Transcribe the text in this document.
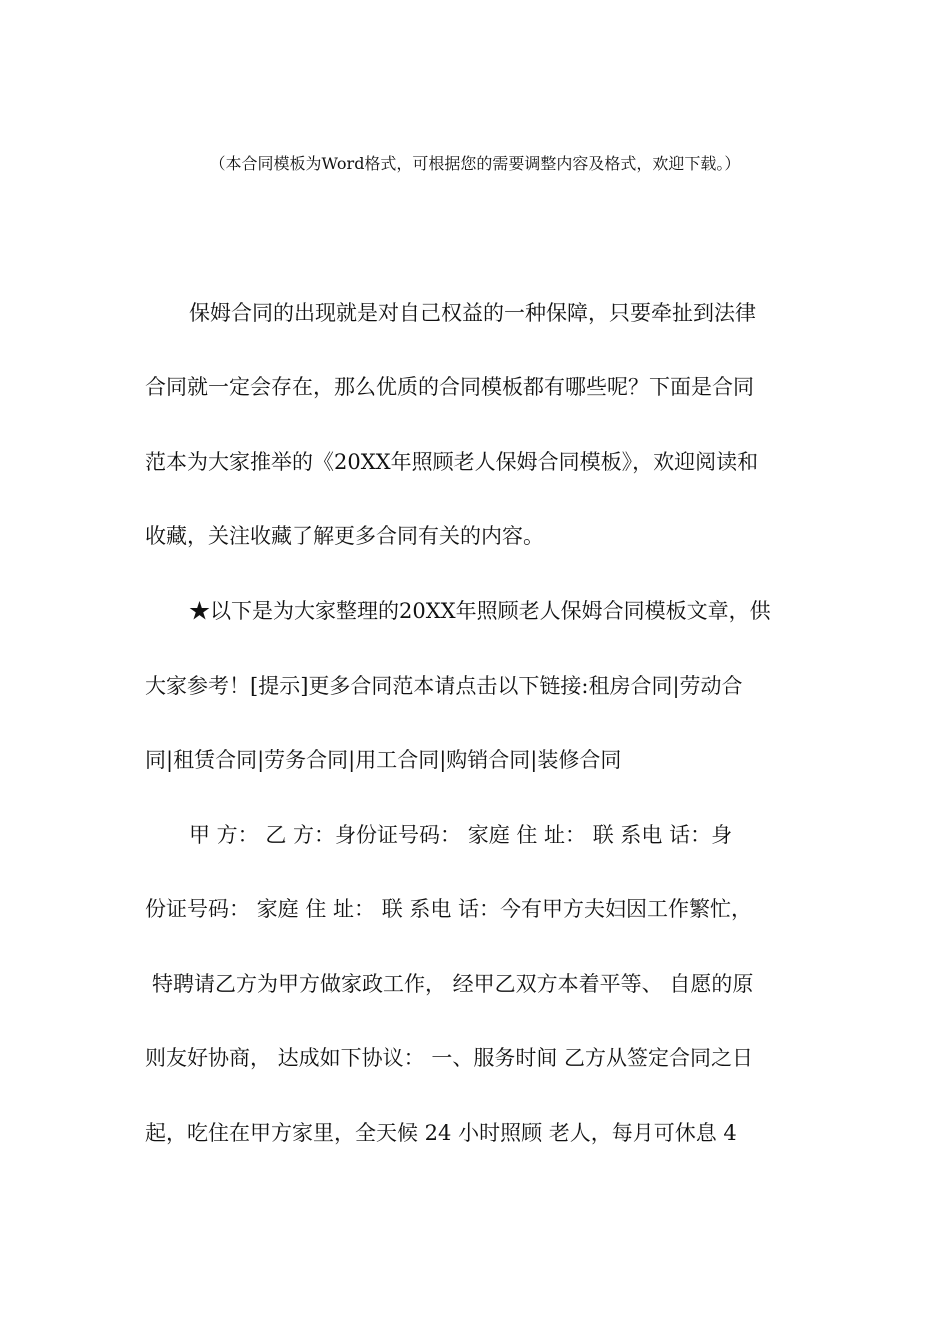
（本合同模板为Word格式，可根据您的需要调整内容及格式，欢迎下载。）
保姆合同的出现就是对自己权益的一种保障，只要牵扯到法律
合同就一定会存在，那么优质的合同模板都有哪些呢？下面是合同
范本为大家推举的《20XX年照顾老人保姆合同模板》，欢迎阅读和
收藏，关注收藏了解更多合同有关的内容。
★以下是为大家整理的20XX年照顾老人保姆合同模板文章，供
大家参考！[提示]更多合同范本请点击以下链接:租房合同|劳动合
同|租赁合同|劳务合同|用工合同|购销合同|装修合同
甲 方： 乙 方：身份证号码： 家庭 住 址： 联 系电 话：身
份证号码： 家庭 住 址： 联 系电 话：今有甲方夫妇因工作繁忙，
特聘请乙方为甲方做家政工作， 经甲乙双方本着平等、 自愿的原
则友好协商， 达成如下协议： 一、服务时间 乙方从签定合同之日
起，吃住在甲方家里，全天候 24 小时照顾 老人，每月可休息 4
